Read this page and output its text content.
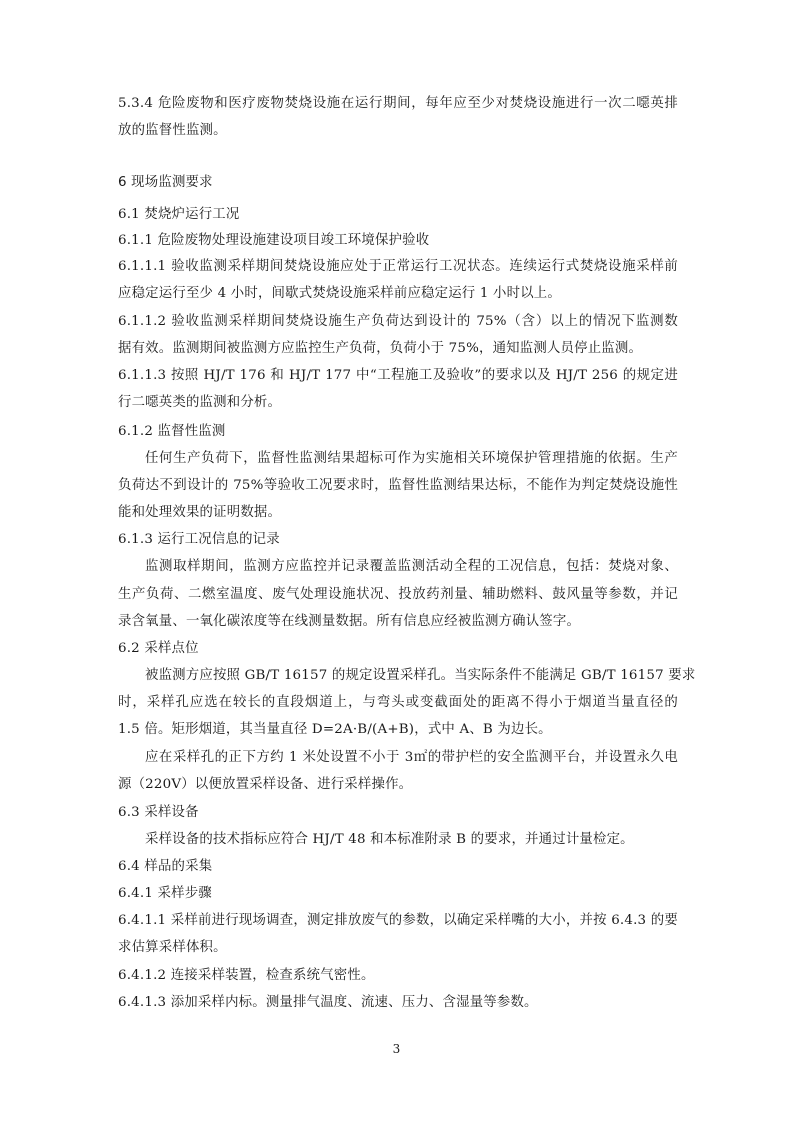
5.3.4 危险废物和医疗废物焚烧设施在运行期间，每年应至少对焚烧设施进行一次二噁英排
放的监督性监测。
6 现场监测要求
6.1 焚烧炉运行工况
6.1.1 危险废物处理设施建设项目竣工环境保护验收
6.1.1.1 验收监测采样期间焚烧设施应处于正常运行工况状态。连续运行式焚烧设施采样前
应稳定运行至少 4 小时，间歇式焚烧设施采样前应稳定运行 1 小时以上。
6.1.1.2 验收监测采样期间焚烧设施生产负荷达到设计的 75%（含）以上的情况下监测数
据有效。监测期间被监测方应监控生产负荷，负荷小于 75%，通知监测人员停止监测。
6.1.1.3 按照 HJ/T 176 和 HJ/T 177 中“工程施工及验收”的要求以及 HJ/T 256 的规定进
行二噁英类的监测和分析。
6.1.2 监督性监测
任何生产负荷下，监督性监测结果超标可作为实施相关环境保护管理措施的依据。生产
负荷达不到设计的 75%等验收工况要求时，监督性监测结果达标，不能作为判定焚烧设施性
能和处理效果的证明数据。
6.1.3 运行工况信息的记录
监测取样期间，监测方应监控并记录覆盖监测活动全程的工况信息，包括：焚烧对象、
生产负荷、二燃室温度、废气处理设施状况、投放药剂量、辅助燃料、鼓风量等参数，并记
录含氧量、一氧化碳浓度等在线测量数据。所有信息应经被监测方确认签字。
6.2 采样点位
被监测方应按照 GB/T 16157 的规定设置采样孔。当实际条件不能满足 GB/T 16157 要求
时，采样孔应选在较长的直段烟道上，与弯头或变截面处的距离不得小于烟道当量直径的
1.5 倍。矩形烟道，其当量直径 D=2A·B/(A+B)，式中 A、B 为边长。
应在采样孔的正下方约 1 米处设置不小于 3㎡的带护栏的安全监测平台，并设置永久电
源（220V）以便放置采样设备、进行采样操作。
6.3 采样设备
采样设备的技术指标应符合 HJ/T 48 和本标准附录 B 的要求，并通过计量检定。
6.4 样品的采集
6.4.1 采样步骤
6.4.1.1 采样前进行现场调查，测定排放废气的参数，以确定采样嘴的大小，并按 6.4.3 的要
求估算采样体积。
6.4.1.2 连接采样装置，检查系统气密性。
6.4.1.3 添加采样内标。测量排气温度、流速、压力、含湿量等参数。
3
